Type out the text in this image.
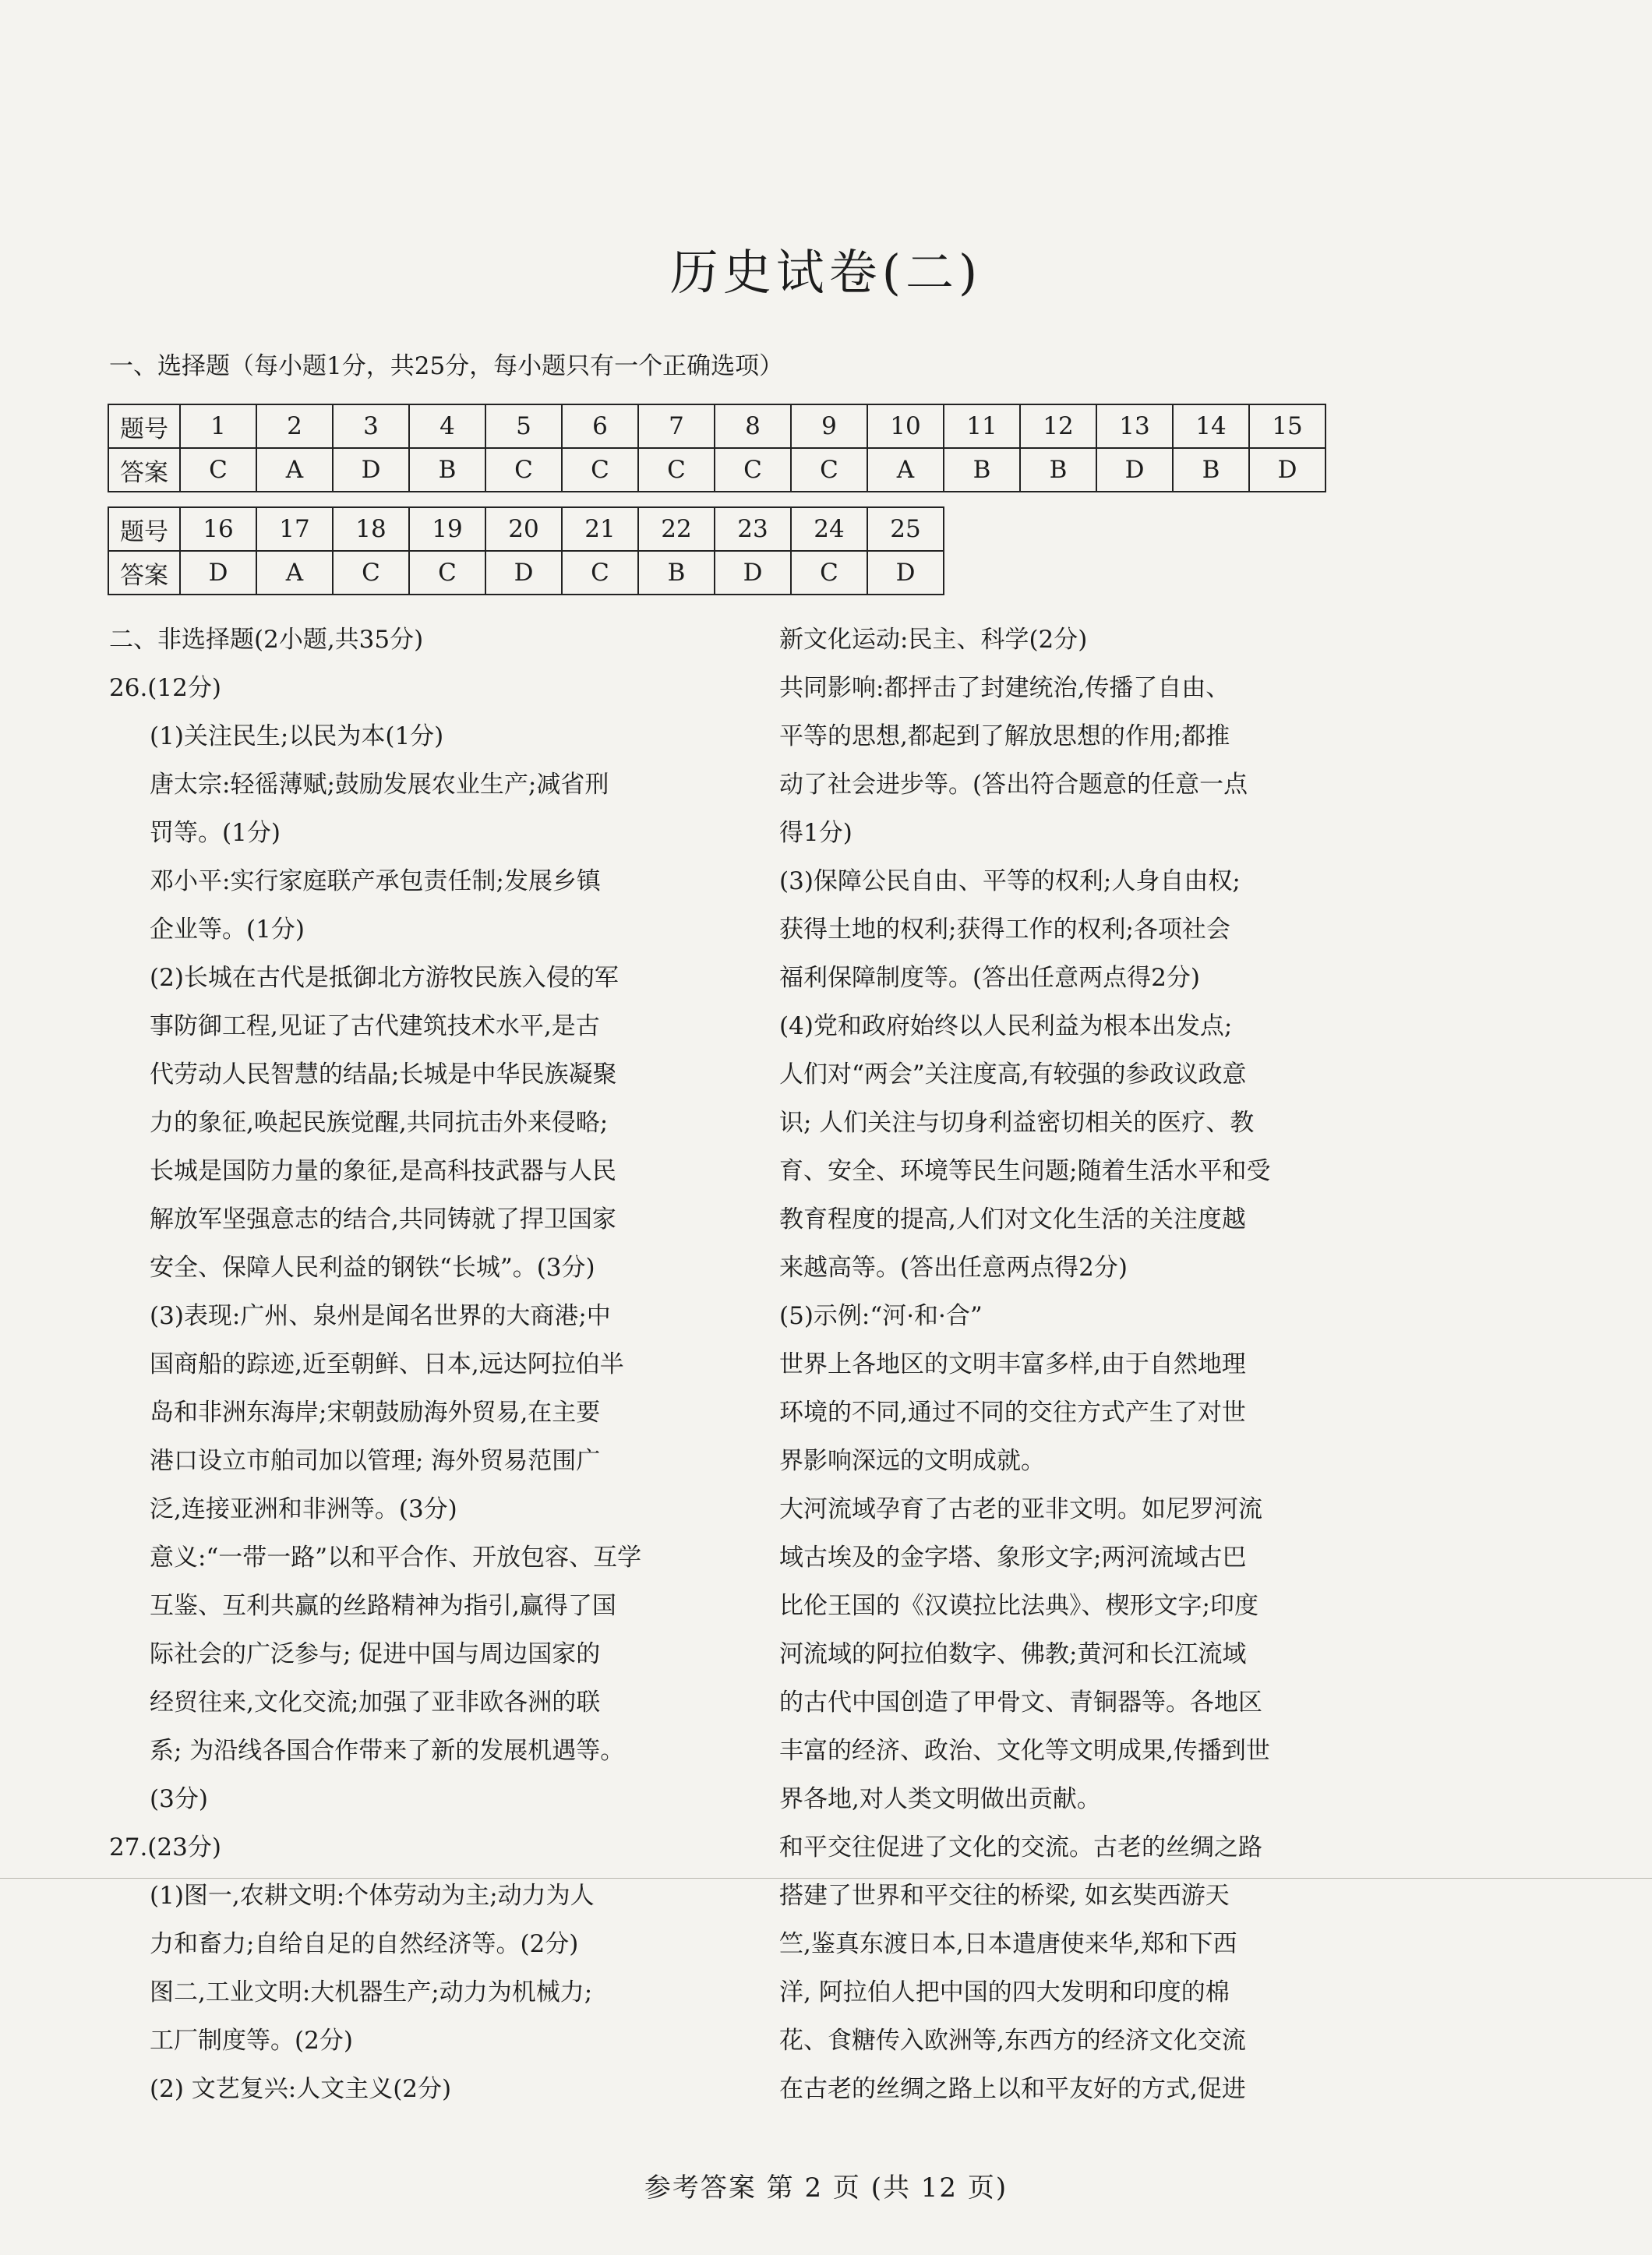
历史试卷(二)
一、选择题（每小题1分，共25分，每小题只有一个正确选项）
题号	1	2	3	4	5	6	7	8	9	10	11	12	13	14	15
答案	C	A	D	B	C	C	C	C	C	A	B	B	D	B	D
题号	16	17	18	19	20	21	22	23	24	25
答案	D	A	C	C	D	C	B	D	C	D

二、非选择题(2小题,共35分)

26.(12分)

(1)关注民生;以民为本(1分)

唐太宗:轻徭薄赋;鼓励发展农业生产;减省刑

罚等。(1分)

邓小平:实行家庭联产承包责任制;发展乡镇

企业等。(1分)

(2)长城在古代是抵御北方游牧民族入侵的军

事防御工程,见证了古代建筑技术水平,是古

代劳动人民智慧的结晶;长城是中华民族凝聚

力的象征,唤起民族觉醒,共同抗击外来侵略;

长城是国防力量的象征,是高科技武器与人民

解放军坚强意志的结合,共同铸就了捍卫国家

安全、保障人民利益的钢铁“长城”。(3分)

(3)表现:广州、泉州是闻名世界的大商港;中

国商船的踪迹,近至朝鲜、日本,远达阿拉伯半

岛和非洲东海岸;宋朝鼓励海外贸易,在主要

港口设立市舶司加以管理; 海外贸易范围广

泛,连接亚洲和非洲等。(3分)

意义:“一带一路”以和平合作、开放包容、互学

互鉴、互利共赢的丝路精神为指引,赢得了国

际社会的广泛参与; 促进中国与周边国家的

经贸往来,文化交流;加强了亚非欧各洲的联

系; 为沿线各国合作带来了新的发展机遇等。

(3分)

27.(23分)

(1)图一,农耕文明:个体劳动为主;动力为人

力和畜力;自给自足的自然经济等。(2分)

图二,工业文明:大机器生产;动力为机械力;

工厂制度等。(2分)

(2) 文艺复兴:人文主义(2分)

新文化运动:民主、科学(2分)

共同影响:都抨击了封建统治,传播了自由、

平等的思想,都起到了解放思想的作用;都推

动了社会进步等。(答出符合题意的任意一点

得1分)

(3)保障公民自由、平等的权利;人身自由权;

获得土地的权利;获得工作的权利;各项社会

福利保障制度等。(答出任意两点得2分)

(4)党和政府始终以人民利益为根本出发点;

人们对“两会”关注度高,有较强的参政议政意

识; 人们关注与切身利益密切相关的医疗、教

育、安全、环境等民生问题;随着生活水平和受

教育程度的提高,人们对文化生活的关注度越

来越高等。(答出任意两点得2分)

(5)示例:“河·和·合”

世界上各地区的文明丰富多样,由于自然地理

环境的不同,通过不同的交往方式产生了对世

界影响深远的文明成就。

大河流域孕育了古老的亚非文明。如尼罗河流

域古埃及的金字塔、象形文字;两河流域古巴

比伦王国的《汉谟拉比法典》、楔形文字;印度

河流域的阿拉伯数字、佛教;黄河和长江流域

的古代中国创造了甲骨文、青铜器等。各地区

丰富的经济、政治、文化等文明成果,传播到世

界各地,对人类文明做出贡献。

和平交往促进了文化的交流。古老的丝绸之路

搭建了世界和平交往的桥梁, 如玄奘西游天

竺,鉴真东渡日本,日本遣唐使来华,郑和下西

洋, 阿拉伯人把中国的四大发明和印度的棉

花、食糖传入欧洲等,东西方的经济文化交流

在古老的丝绸之路上以和平友好的方式,促进

参考答案 第 2 页 (共 12 页)
